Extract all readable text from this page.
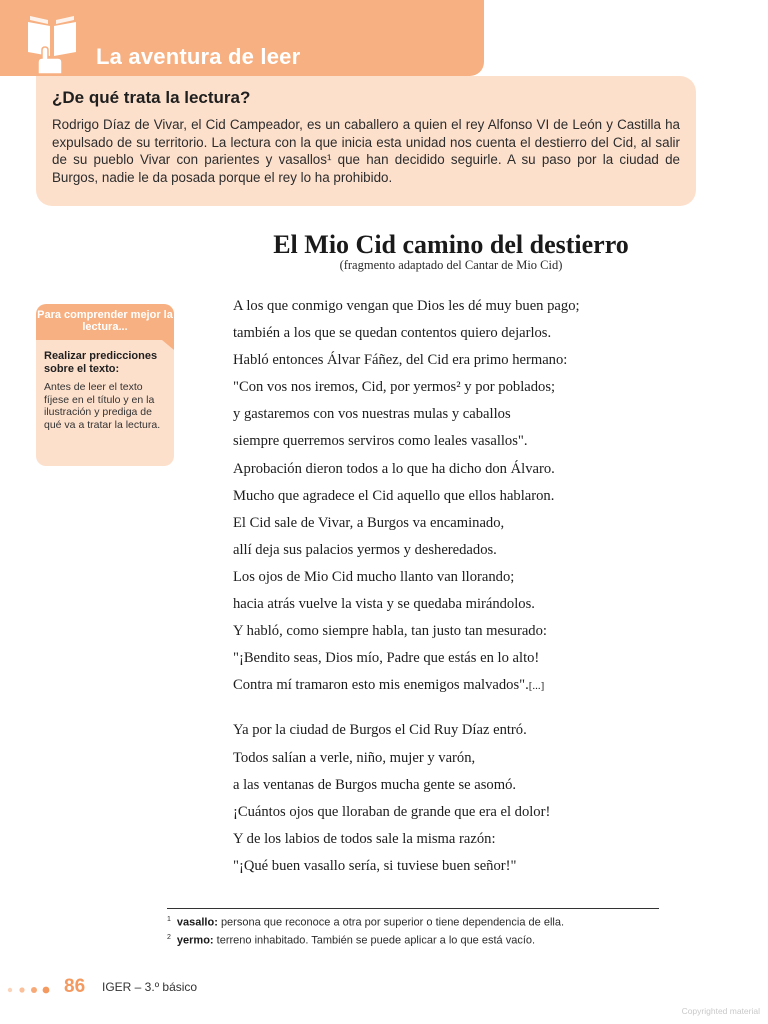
La aventura de leer

¿De qué trata la lectura?

Rodrigo Díaz de Vivar, el Cid Campeador, es un caballero a quien el rey Alfonso VI de León y Castilla ha expulsado de su territorio. La lectura con la que inicia esta unidad nos cuenta el destierro del Cid, al salir de su pueblo Vivar con parientes y vasallos¹ que han decidido seguirle. A su paso por la ciudad de Burgos, nadie le da posada porque el rey lo ha prohibido.

El Mio Cid camino del destierro
(fragmento adaptado del Cantar de Mio Cid)
Para comprender mejor la lectura...
Realizar predicciones sobre el texto:
Antes de leer el texto fíjese en el título y en la ilustración y prediga de qué va a tratar la lectura.
A los que conmigo vengan que Dios les dé muy buen pago;
también a los que se quedan contentos quiero dejarlos.
Habló entonces Álvar Fáñez, del Cid era primo hermano:
"Con vos nos iremos, Cid, por yermos² y por poblados;
y gastaremos con vos nuestras mulas y caballos
siempre querremos serviros como leales vasallos".
Aprobación dieron todos a lo que ha dicho don Álvaro.
Mucho que agradece el Cid aquello que ellos hablaron.
El Cid sale de Vivar, a Burgos va encaminado,
allí deja sus palacios yermos y desheredados.
Los ojos de Mio Cid mucho llanto van llorando;
hacia atrás vuelve la vista y se quedaba mirándolos.
Y habló, como siempre habla, tan justo tan mesurado:
"¡Bendito seas, Dios mío, Padre que estás en lo alto!
Contra mí tramaron esto mis enemigos malvados".[...]
Ya por la ciudad de Burgos el Cid Ruy Díaz entró.
Todos salían a verle, niño, mujer y varón,
a las ventanas de Burgos mucha gente se asomó.
¡Cuántos ojos que lloraban de grande que era el dolor!
Y de los labios de todos sale la misma razón:
"¡Qué buen vasallo sería, si tuviese buen señor!"
$^1$ vasallo: persona que reconoce a otra por superior o tiene dependencia de ella.
$^2$ yermo: terreno inhabitado. También se puede aplicar a lo que está vacío.
86 IGER – 3.º básico
Copyrighted material
